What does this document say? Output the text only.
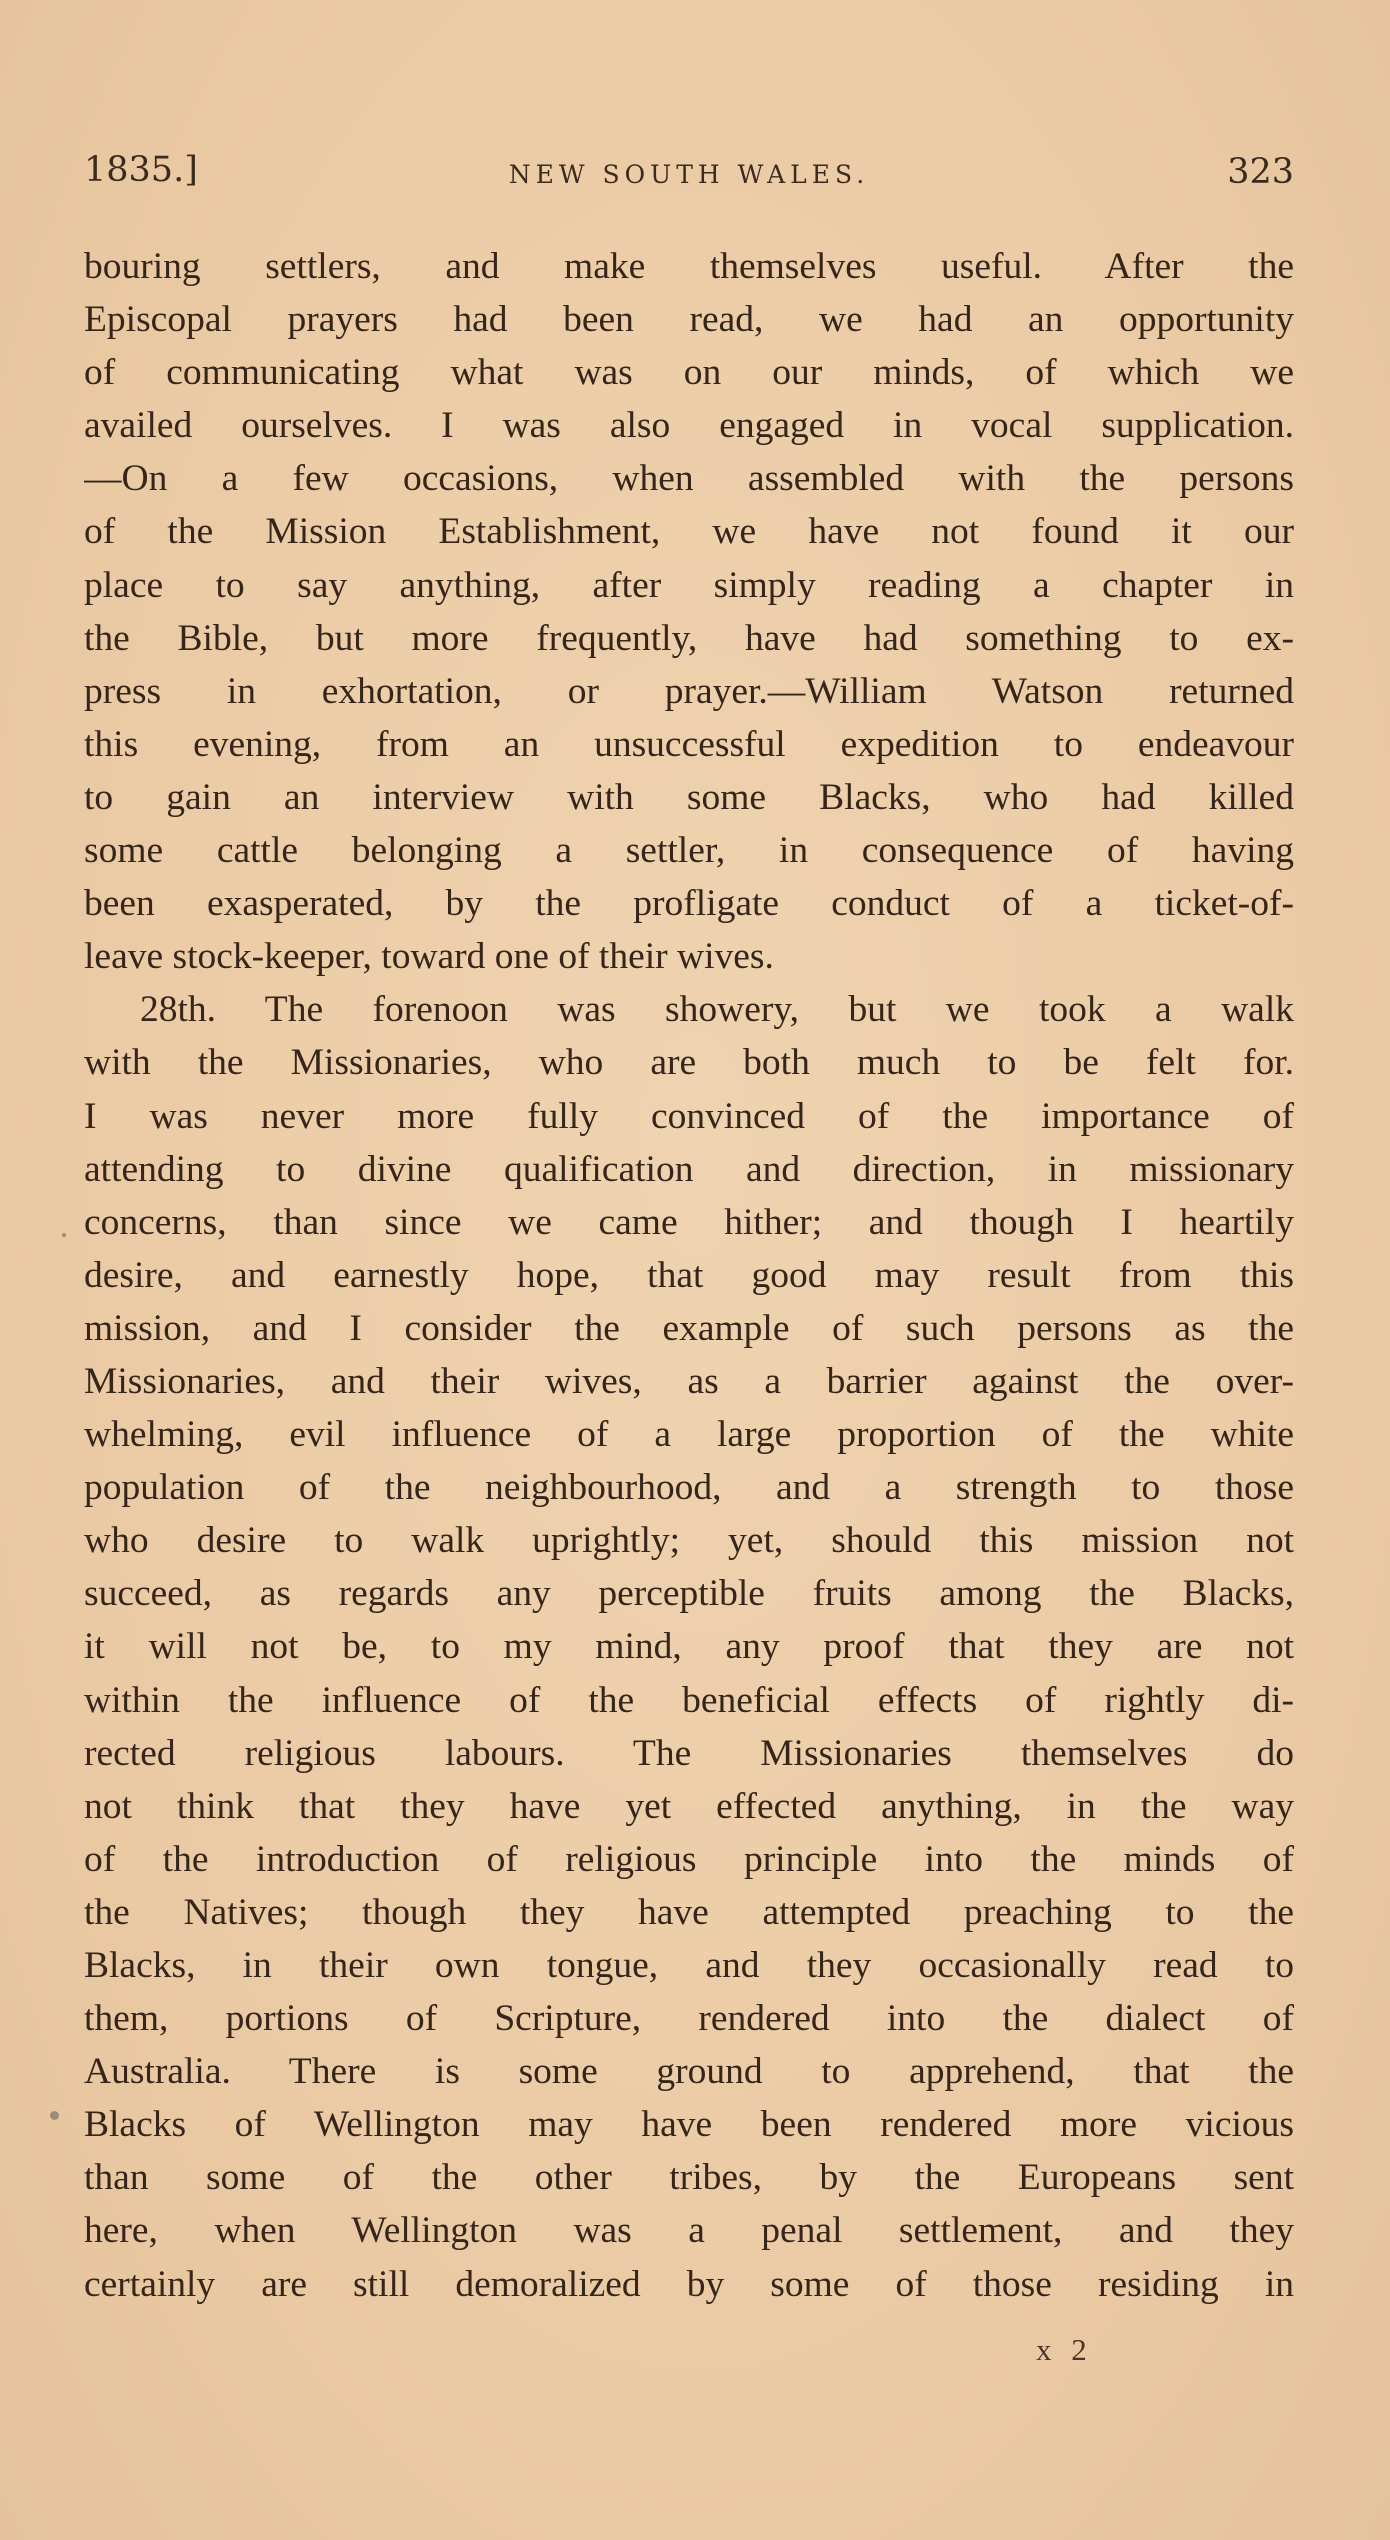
1835.]	NEW SOUTH WALES.	323
bouring settlers, and make themselves useful. After the
Episcopal prayers had been read, we had an opportunity
of communicating what was on our minds, of which we
availed ourselves. I was also engaged in vocal supplication.
—On a few occasions, when assembled with the persons
of the Mission Establishment, we have not found it our
place to say anything, after simply reading a chapter in
the Bible, but more frequently, have had something to ex-
press in exhortation, or prayer.—William Watson returned
this evening, from an unsuccessful expedition to endeavour
to gain an interview with some Blacks, who had killed
some cattle belonging a settler, in consequence of having
been exasperated, by the profligate conduct of a ticket-of-
leave stock-keeper, toward one of their wives.
28th. The forenoon was showery, but we took a walk
with the Missionaries, who are both much to be felt for.
I was never more fully convinced of the importance of
attending to divine qualification and direction, in missionary
concerns, than since we came hither; and though I heartily
desire, and earnestly hope, that good may result from this
mission, and I consider the example of such persons as the
Missionaries, and their wives, as a barrier against the over-
whelming, evil influence of a large proportion of the white
population of the neighbourhood, and a strength to those
who desire to walk uprightly; yet, should this mission not
succeed, as regards any perceptible fruits among the Blacks,
it will not be, to my mind, any proof that they are not
within the influence of the beneficial effects of rightly di-
rected religious labours. The Missionaries themselves do
not think that they have yet effected anything, in the way
of the introduction of religious principle into the minds of
the Natives; though they have attempted preaching to the
Blacks, in their own tongue, and they occasionally read to
them, portions of Scripture, rendered into the dialect of
Australia. There is some ground to apprehend, that the
Blacks of Wellington may have been rendered more vicious
than some of the other tribes, by the Europeans sent
here, when Wellington was a penal settlement, and they
certainly are still demoralized by some of those residing in
x 2
